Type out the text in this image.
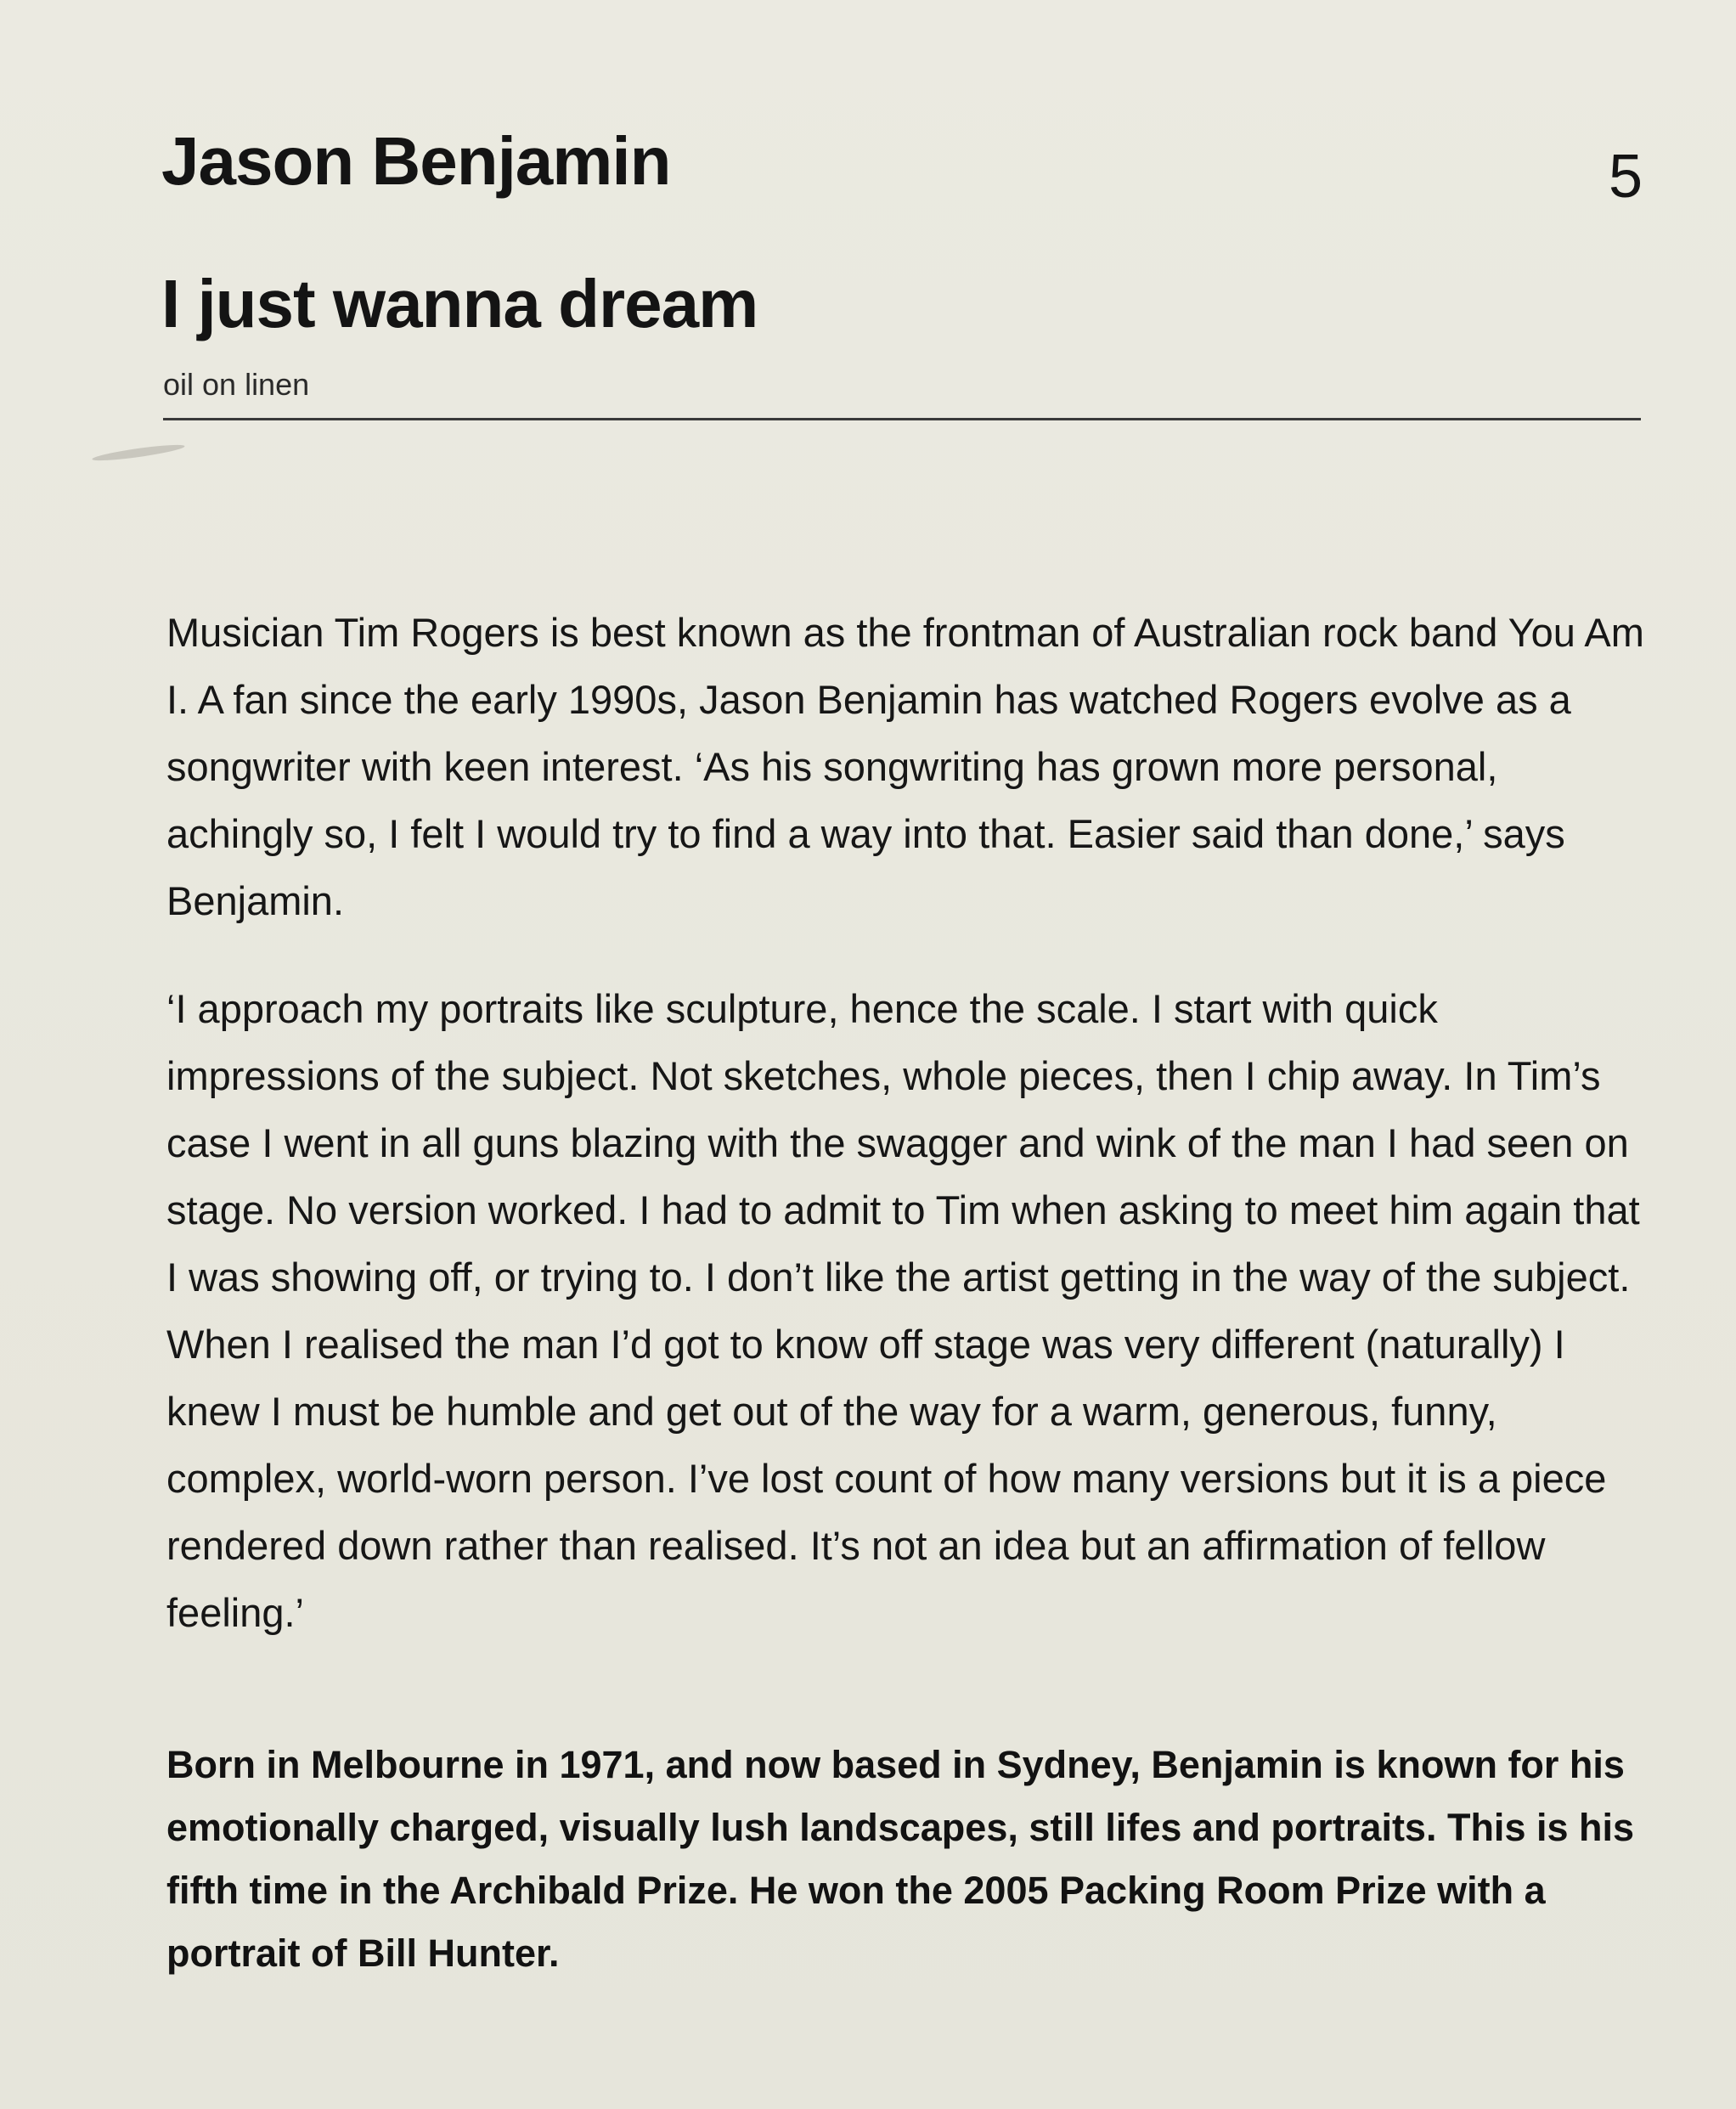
Jason Benjamin	5
I just wanna dream
oil on linen

Musician Tim Rogers is best known as the frontman of Australian rock band You Am I. A fan since the early 1990s, Jason Benjamin has watched Rogers evolve as a songwriter with keen interest. ‘As his songwriting has grown more personal, achingly so, I felt I would try to find a way into that. Easier said than done,’ says Benjamin.

‘I approach my portraits like sculpture, hence the scale. I start with quick impressions of the subject. Not sketches, whole pieces, then I chip away. In Tim’s case I went in all guns blazing with the swagger and wink of the man I had seen on stage. No version worked. I had to admit to Tim when asking to meet him again that I was showing off, or trying to. I don’t like the artist getting in the way of the subject. When I realised the man I’d got to know off stage was very different (naturally) I knew I must be humble and get out of the way for a warm, generous, funny, complex, world-worn person. I’ve lost count of how many versions but it is a piece rendered down rather than realised. It’s not an idea but an affirmation of fellow feeling.’

Born in Melbourne in 1971, and now based in Sydney, Benjamin is known for his emotionally charged, visually lush landscapes, still lifes and portraits. This is his fifth time in the Archibald Prize. He won the 2005 Packing Room Prize with a portrait of Bill Hunter.
